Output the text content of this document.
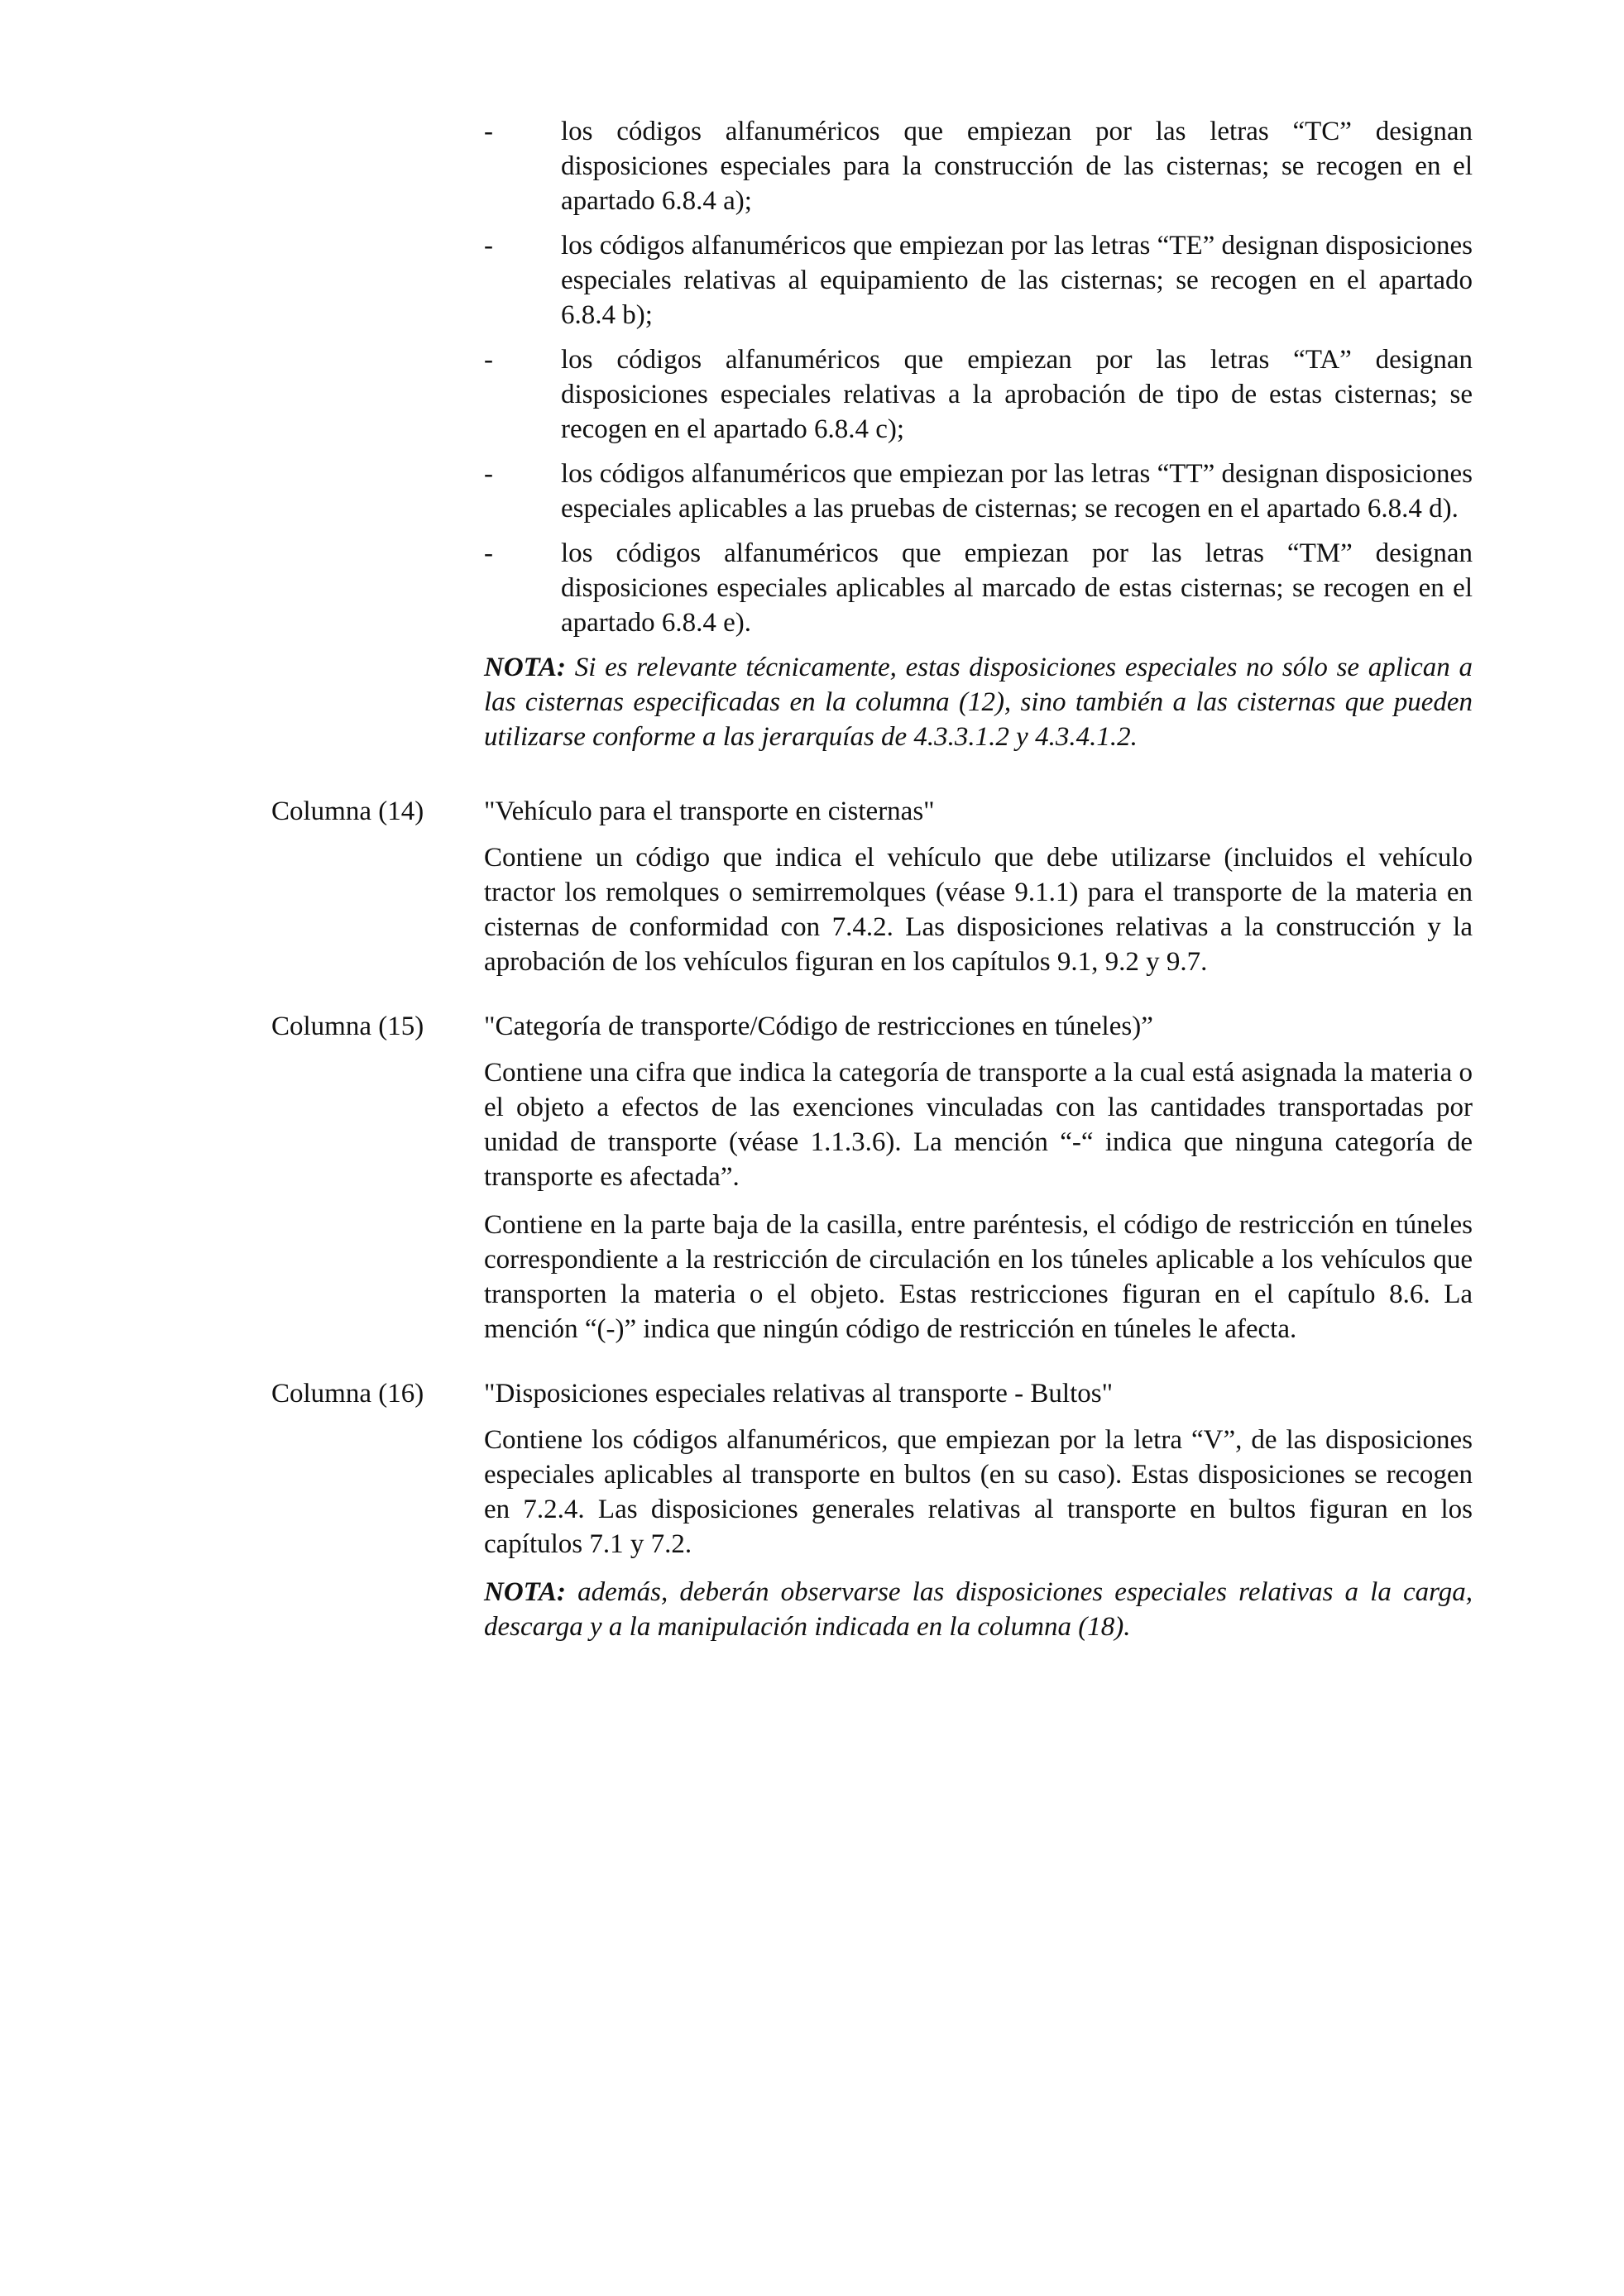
-	los códigos alfanuméricos que empiezan por las letras “TC” designan disposiciones especiales para la construcción de las cisternas; se recogen en el apartado 6.8.4 a);

-	los códigos alfanuméricos que empiezan por las letras “TE” designan disposiciones especiales relativas al equipamiento de las cisternas; se recogen en el apartado 6.8.4 b);

-	los códigos alfanuméricos que empiezan por las letras “TA” designan disposiciones especiales relativas a la aprobación de tipo de estas cisternas; se recogen en el apartado 6.8.4 c);

-	los códigos alfanuméricos que empiezan por las letras “TT” designan disposiciones especiales aplicables a las pruebas de cisternas; se recogen en el apartado 6.8.4 d).

-	los códigos alfanuméricos que empiezan por las letras “TM” designan disposiciones especiales aplicables al marcado de estas cisternas; se recogen en el apartado 6.8.4 e).

NOTA: Si es relevante técnicamente, estas disposiciones especiales no sólo se aplican a las cisternas especificadas en la columna (12), sino también a las cisternas que pueden utilizarse conforme a las jerarquías de 4.3.3.1.2 y 4.3.4.1.2.

Columna (14)	"Vehículo para el transporte en cisternas"

Contiene un código que indica el vehículo que debe utilizarse (incluidos el vehículo tractor los remolques o semirremolques (véase 9.1.1) para el transporte de la materia en cisternas de conformidad con 7.4.2. Las disposiciones relativas a la construcción y la aprobación de los vehículos figuran en los capítulos 9.1, 9.2 y 9.7.

Columna (15)	"Categoría de transporte/Código de restricciones en túneles)”

Contiene una cifra que indica la categoría de transporte a la cual está asignada la materia o el objeto a efectos de las exenciones vinculadas con las cantidades transportadas por unidad de transporte (véase 1.1.3.6). La mención “-“ indica que ninguna categoría de transporte es afectada”.

Contiene en la parte baja de la casilla, entre paréntesis, el código de restricción en túneles correspondiente a la restricción de circulación en los túneles aplicable a los vehículos que transporten la materia o el objeto. Estas restricciones figuran en el capítulo 8.6. La mención “(-)” indica que ningún código de restricción en túneles le afecta.

Columna (16)	"Disposiciones especiales relativas al transporte - Bultos"

Contiene los códigos alfanuméricos, que empiezan por la letra “V”, de las disposiciones especiales aplicables al transporte en bultos (en su caso). Estas disposiciones se recogen en 7.2.4. Las disposiciones generales relativas al transporte en bultos figuran en los capítulos 7.1 y 7.2.

NOTA: además, deberán observarse las disposiciones especiales relativas a la carga, descarga y a la manipulación indicada en la columna (18).
